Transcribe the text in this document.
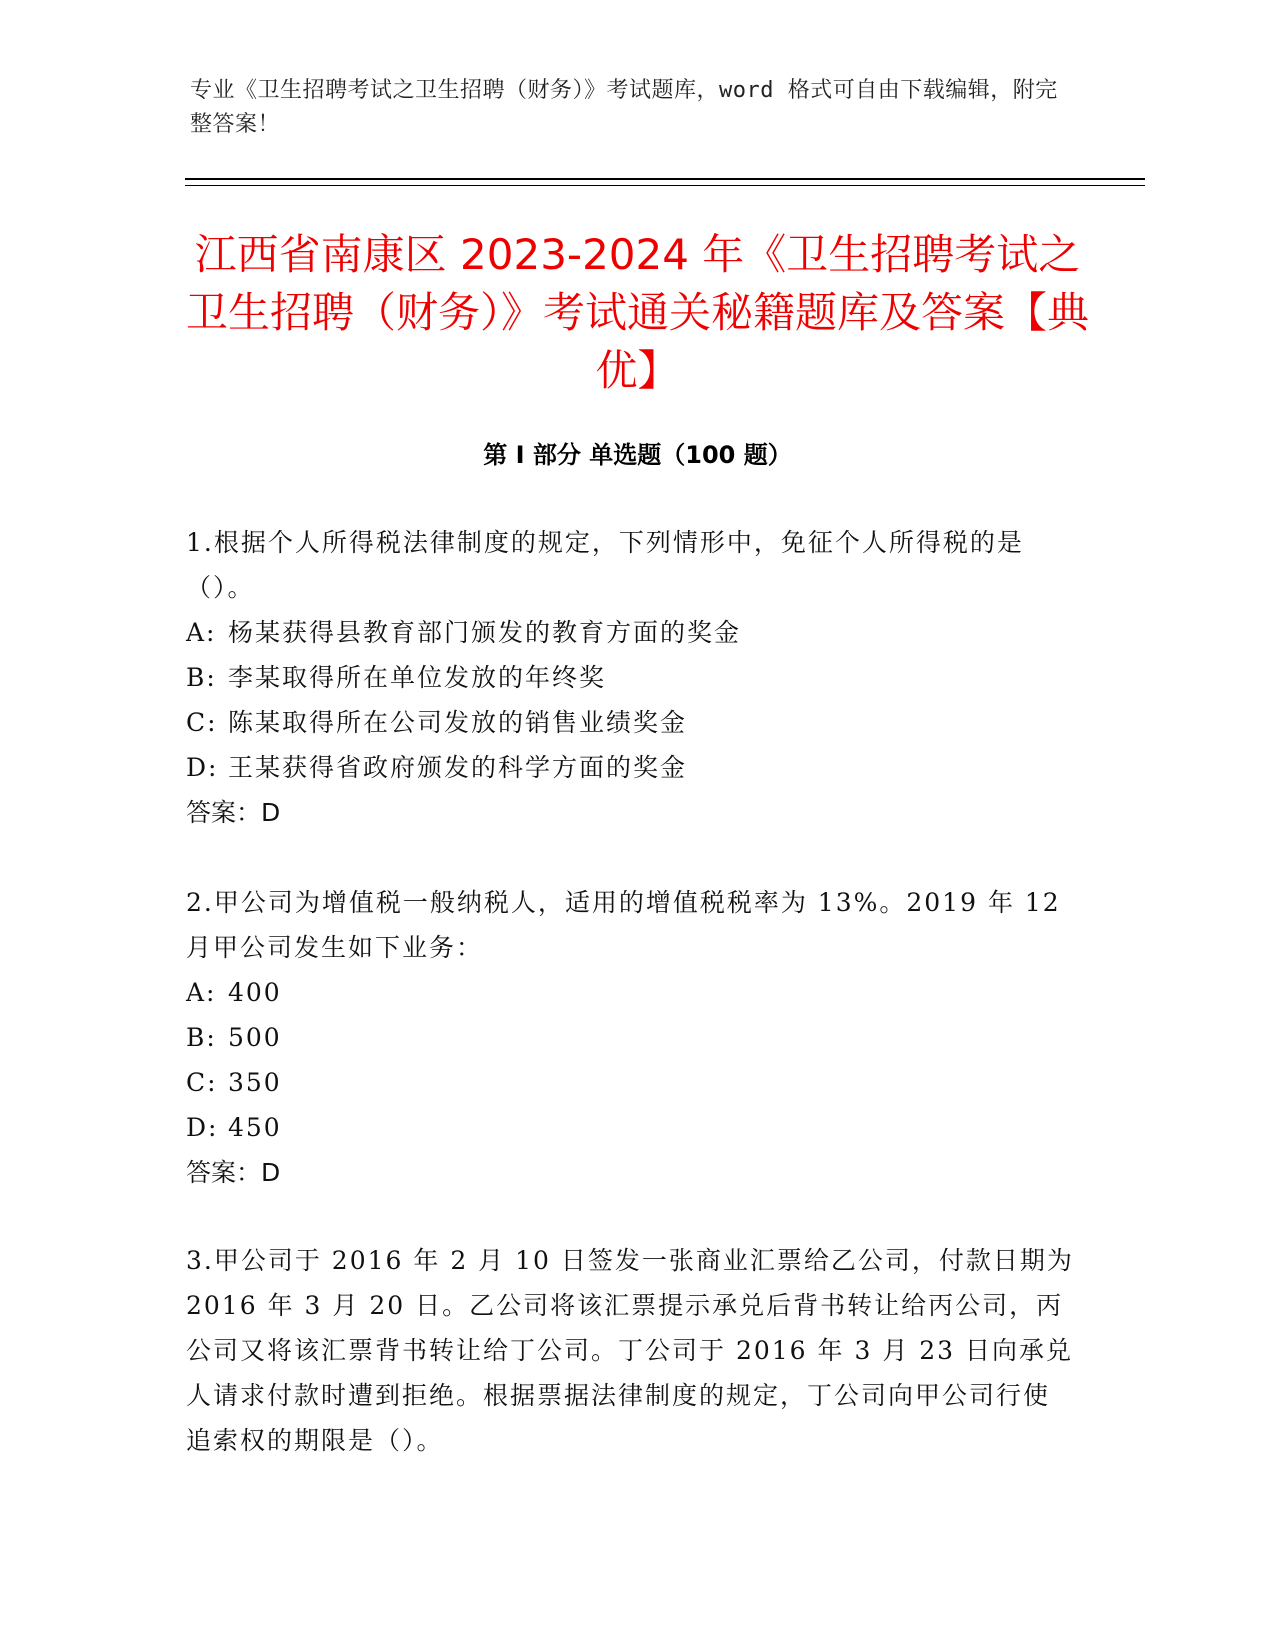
专业《卫生招聘考试之卫生招聘（财务）》考试题库，word 格式可自由下载编辑，附完整答案！
江西省南康区 2023-2024 年《卫生招聘考试之卫生招聘（财务）》考试通关秘籍题库及答案【典优】
第 I 部分 单选题（100 题）

1.根据个人所得税法律制度的规定，下列情形中，免征个人所得税的是（）。

A: 杨某获得县教育部门颁发的教育方面的奖金

B: 李某取得所在单位发放的年终奖

C: 陈某取得所在公司发放的销售业绩奖金

D: 王某获得省政府颁发的科学方面的奖金

答案：D

2.甲公司为增值税一般纳税人，适用的增值税税率为 13%。2019 年 12 月甲公司发生如下业务：

A: 400

B: 500

C: 350

D: 450

答案：D

3.甲公司于 2016 年 2 月 10 日签发一张商业汇票给乙公司，付款日期为 2016 年 3 月 20 日。乙公司将该汇票提示承兑后背书转让给丙公司，丙公司又将该汇票背书转让给丁公司。丁公司于 2016 年 3 月 23 日向承兑人请求付款时遭到拒绝。根据票据法律制度的规定，丁公司向甲公司行使追索权的期限是（）。
